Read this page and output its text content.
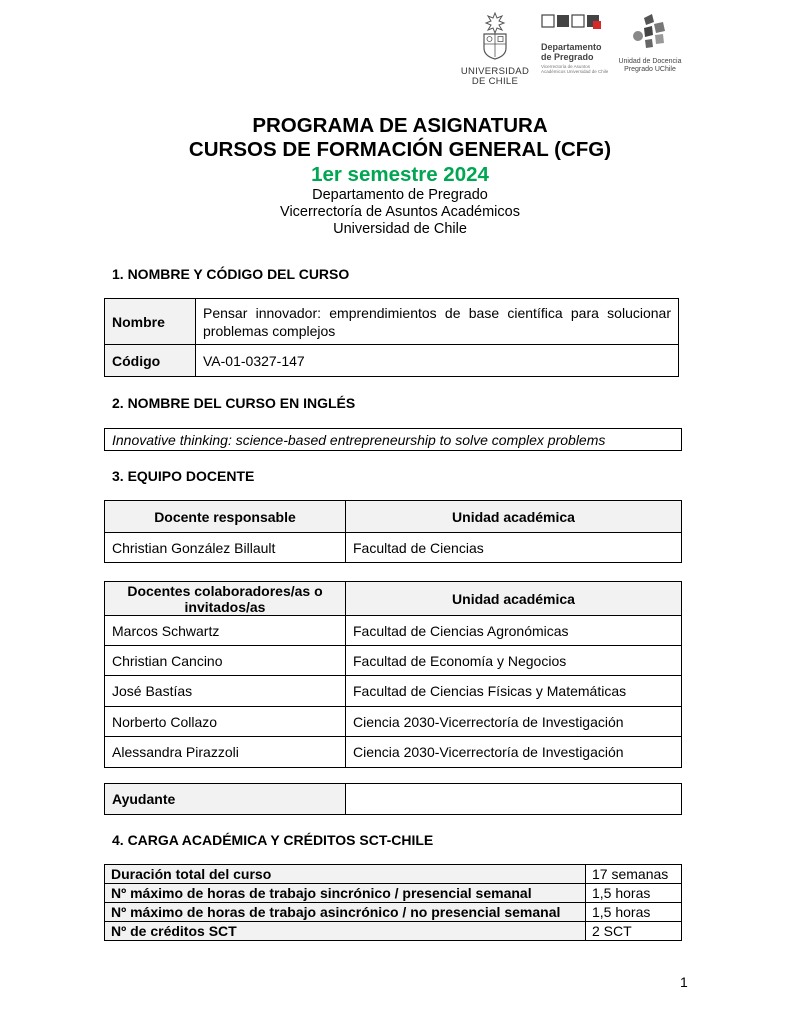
UNIVERSIDAD DE CHILE
Departamento de Pregrado
Vicerrectoría de Asuntos Académicos Universidad de Chile
Unidad de Docencia Pregrado UChile
PROGRAMA DE ASIGNATURA
CURSOS DE FORMACIÓN GENERAL (CFG)
1er semestre 2024
Departamento de Pregrado
Vicerrectoría de Asuntos Académicos
Universidad de Chile
1. NOMBRE Y CÓDIGO DEL CURSO
Nombre	Pensar innovador: emprendimientos de base científica para solucionar problemas complejos
Código	VA-01-0327-147
2. NOMBRE DEL CURSO EN INGLÉS
Innovative thinking: science-based entrepreneurship to solve complex problems
3. EQUIPO DOCENTE
Docente responsable	Unidad académica
Christian González Billault	Facultad de Ciencias
Docentes colaboradores/as o invitados/as	Unidad académica
Marcos Schwartz	Facultad de Ciencias Agronómicas
Christian Cancino	Facultad de Economía y Negocios
José Bastías	Facultad de Ciencias Físicas y Matemáticas
Norberto Collazo	Ciencia 2030-Vicerrectoría de Investigación
Alessandra Pirazzoli	Ciencia 2030-Vicerrectoría de Investigación
Ayudante	
4. CARGA ACADÉMICA Y CRÉDITOS SCT-CHILE
Duración total del curso	17 semanas
Nº máximo de horas de trabajo sincrónico / presencial semanal	1,5 horas
Nº máximo de horas de trabajo asincrónico / no presencial semanal	1,5 horas
Nº de créditos SCT	2 SCT
1
